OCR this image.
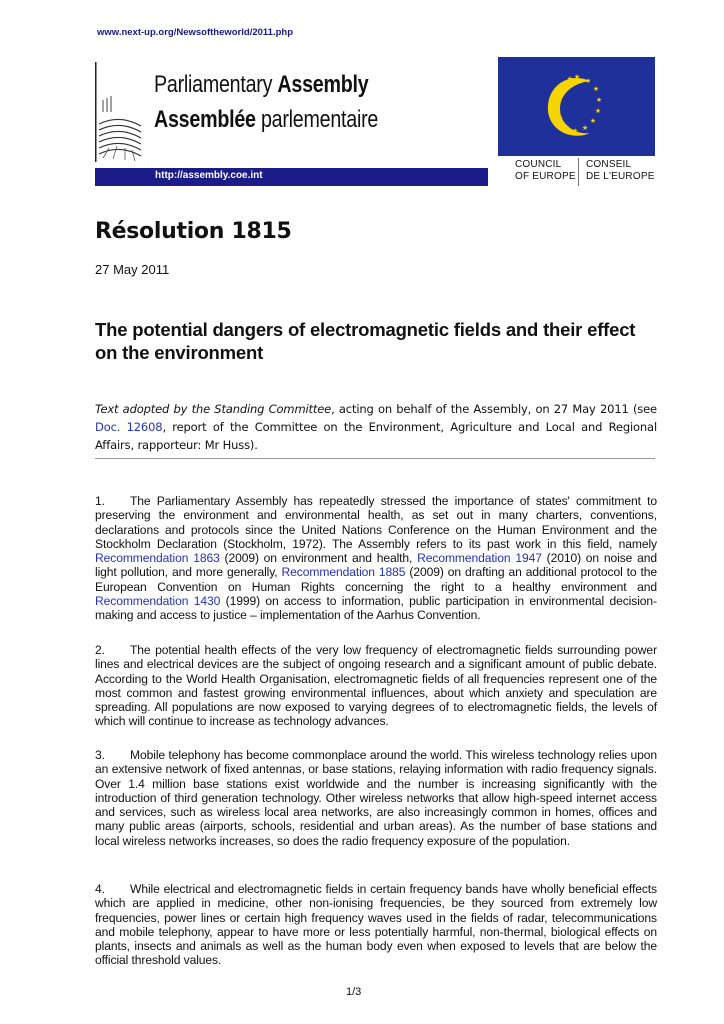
www.next-up.org/Newsoftheworld/2011.php
Parliamentary Assembly
Assemblée parlementaire
http://assembly.coe.int
★ ★
★
★
★
★
★
★
★
★
★
★
COUNCIL
OF EUROPE
CONSEIL
DE L'EUROPE
Résolution 1815
27 May 2011
The potential dangers of electromagnetic fields and their effect on the environment
Text adopted by the Standing Committee, acting on behalf of the Assembly, on 27 May 2011 (see Doc. 12608, report of the Committee on the Environment, Agriculture and Local and Regional Affairs, rapporteur: Mr Huss).
1. The Parliamentary Assembly has repeatedly stressed the importance of states' commitment to preserving the environment and environmental health, as set out in many charters, conventions, declarations and protocols since the United Nations Conference on the Human Environment and the Stockholm Declaration (Stockholm, 1972). The Assembly refers to its past work in this field, namely Recommendation 1863 (2009) on environment and health, Recommendation 1947 (2010) on noise and light pollution, and more generally, Recommendation 1885 (2009) on drafting an additional protocol to the European Convention on Human Rights concerning the right to a healthy environment and Recommendation 1430 (1999) on access to information, public participation in environmental decision-making and access to justice – implementation of the Aarhus Convention.
2. The potential health effects of the very low frequency of electromagnetic fields surrounding power lines and electrical devices are the subject of ongoing research and a significant amount of public debate. According to the World Health Organisation, electromagnetic fields of all frequencies represent one of the most common and fastest growing environmental influences, about which anxiety and speculation are spreading. All populations are now exposed to varying degrees of to electromagnetic fields, the levels of which will continue to increase as technology advances.
3. Mobile telephony has become commonplace around the world. This wireless technology relies upon an extensive network of fixed antennas, or base stations, relaying information with radio frequency signals. Over 1.4 million base stations exist worldwide and the number is increasing significantly with the introduction of third generation technology. Other wireless networks that allow high-speed internet access and services, such as wireless local area networks, are also increasingly common in homes, offices and many public areas (airports, schools, residential and urban areas). As the number of base stations and local wireless networks increases, so does the radio frequency exposure of the population.
4. While electrical and electromagnetic fields in certain frequency bands have wholly beneficial effects which are applied in medicine, other non-ionising frequencies, be they sourced from extremely low frequencies, power lines or certain high frequency waves used in the fields of radar, telecommunications and mobile telephony, appear to have more or less potentially harmful, non-thermal, biological effects on plants, insects and animals as well as the human body even when exposed to levels that are below the official threshold values.
1/3
